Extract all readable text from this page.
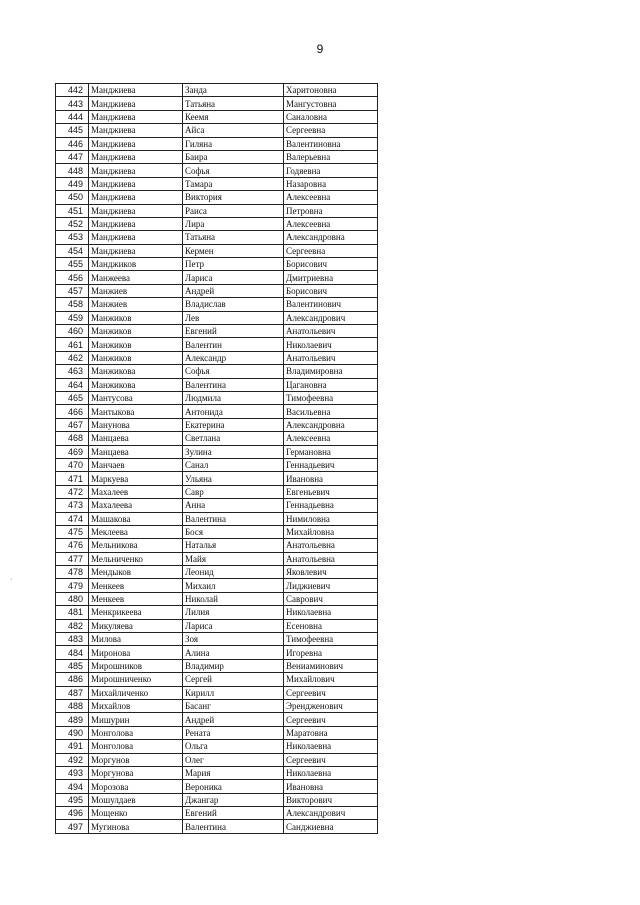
9
·
442	Манджиева	Занда	Харитоновна
443	Манджиева	Татьяна	Мангустовна
444	Манджиева	Кеемя	Саналовна
445	Манджиева	Айса	Сергеевна
446	Манджиева	Гиляна	Валентиновна
447	Манджиева	Баира	Валерьевна
448	Манджиева	Софья	Годяевна
449	Манджиева	Тамара	Назаровна
450	Манджиева	Виктория	Алексеевна
451	Манджиева	Раиса	Петровна
452	Манджиева	Лира	Алексеевна
453	Манджиева	Татьяна	Александровна
454	Манджиева	Кермен	Сергеевна
455	Манджиков	Петр	Борисович
456	Манжеева	Лариса	Дмитриевна
457	Манжиев	Андрей	Борисович
458	Манжиев	Владислав	Валентинович
459	Манжиков	Лев	Александрович
460	Манжиков	Евгений	Анатольевич
461	Манжиков	Валентин	Николаевич
462	Манжиков	Александр	Анатольевич
463	Манжикова	Софья	Владимировна
464	Манжикова	Валентина	Цагановна
465	Мантусова	Людмила	Тимофеевна
466	Мантыкова	Антонида	Васильевна
467	Манунова	Екатерина	Александровна
468	Манцаева	Светлана	Алексеевна
469	Манцаева	Зулина	Германовна
470	Манчаев	Санал	Геннадьевич
471	Маркуева	Ульяна	Ивановна
472	Махалеев	Савр	Евгеньевич
473	Махалеева	Анна	Геннадьевна
474	Машакова	Валентина	Нимиловна
475	Меклеева	Бося	Михайловна
476	Мельникова	Наталья	Анатольевна
477	Мельниченко	Майя	Анатольевна
478	Мендыков	Леонид	Яковлевич
479	Менкеев	Михаил	Лиджиевич
480	Менкеев	Николай	Саврович
481	Менкрикеева	Лилия	Николаевна
482	Микуляева	Лариса	Есеновна
483	Милова	Зоя	Тимофеевна
484	Миронова	Алина	Игоревна
485	Мирошников	Владимир	Вениаминович
486	Мирошниченко	Сергей	Михайлович
487	Михайличенко	Кирилл	Сергеевич
488	Михайлов	Басанг	Эрендженович
489	Мишурин	Андрей	Сергеевич
490	Монголова	Рената	Маратовна
491	Монголова	Ольга	Николаевна
492	Моргунов	Олег	Сергеевич
493	Моргунова	Мария	Николаевна
494	Морозова	Вероника	Ивановна
495	Мошулдаев	Джангар	Викторович
496	Мощенко	Евгений	Александрович
497	Мугинова	Валентина	Санджиевна
